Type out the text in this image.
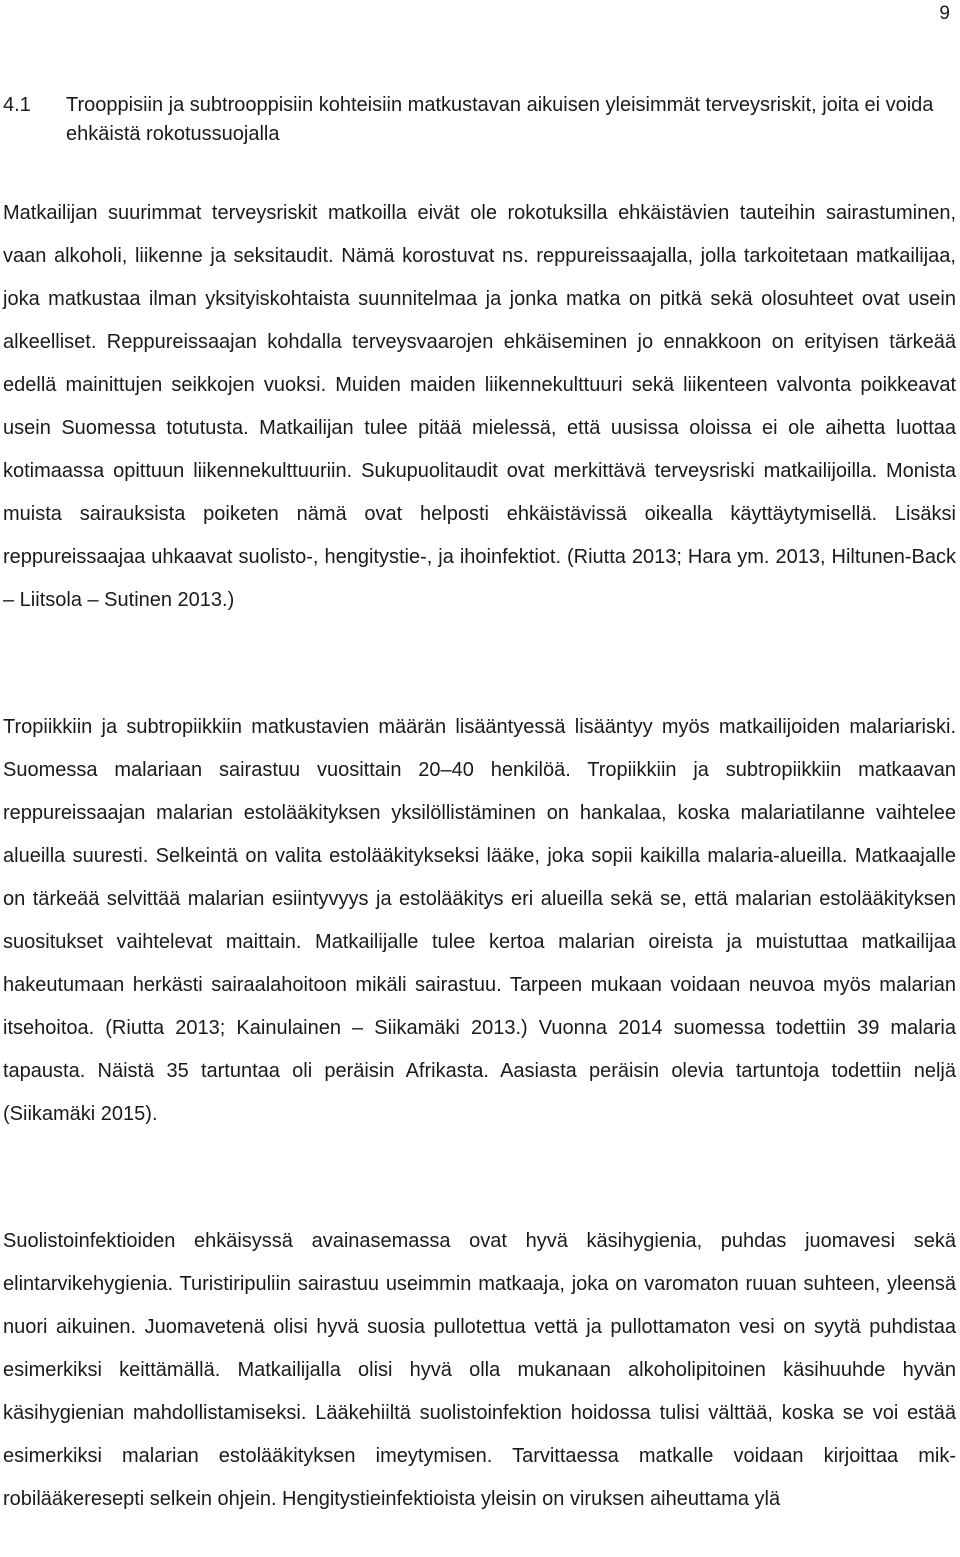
9
4.1	Trooppisiin ja subtrooppisiin kohteisiin matkustavan aikuisen yleisimmät terveysriskit, joita ei voida ehkäistä rokotussuojalla

Matkailijan suurimmat terveysriskit matkoilla eivät ole rokotuksilla ehkäistävien tauteihin sairastuminen, vaan alkoholi, liikenne ja seksitaudit. Nämä korostuvat ns. reppureissaajalla, jolla tarkoitetaan matkailijaa, joka matkustaa ilman yksityiskohtaista suunnitelmaa ja jonka matka on pitkä sekä olosuhteet ovat usein alkeelliset. Reppureissaajan kohdalla terveysvaarojen ehkäiseminen jo ennakkoon on erityisen tärkeää edellä mainittujen seikkojen vuoksi. Muiden maiden liikennekulttuuri sekä liikenteen valvonta poikkeavat usein Suomessa totutusta. Matkailijan tulee pitää mielessä, että uusissa oloissa ei ole aihetta luottaa kotimaassa opittuun liikennekulttuuriin. Sukupuolitaudit ovat merkittävä terveysriski matkailijoilla. Monista muista sairauksista poiketen nämä ovat helposti ehkäistävissä oikealla käyttäytymisellä. Lisäksi reppureissaajaa uhkaavat suolisto-, hengitystie-, ja ihoinfektiot. (Riutta 2013; Hara ym. 2013, Hiltunen-Back – Liitsola – Sutinen 2013.)

Tropiikkiin ja subtropiikkiin matkustavien määrän lisääntyessä lisääntyy myös matkailijoiden malariariski. Suomessa malariaan sairastuu vuosittain 20–40 henkilöä. Tropiikkiin ja subtropiikkiin matkaavan reppureissaajan malarian estolääkityksen yksilöllistäminen on hankalaa, koska malariatilanne vaihtelee alueilla suuresti. Selkeintä on valita estolääkitykseksi lääke, joka sopii kaikilla malaria-alueilla. Matkaajalle on tärkeää selvittää malarian esiintyvyys ja estolääkitys eri alueilla sekä se, että malarian estolääkityksen suositukset vaihtelevat maittain. Matkailijalle tulee kertoa malarian oireista ja muistuttaa matkailijaa hakeutumaan herkästi sairaalahoitoon mikäli sairastuu. Tarpeen mukaan voidaan neuvoa myös malarian itsehoitoa. (Riutta 2013; Kainulainen – Siikamäki 2013.) Vuonna 2014 suomessa todettiin 39 malaria tapausta. Näistä 35 tartuntaa oli peräisin Afrikasta. Aasiasta peräisin olevia tartuntoja todettiin neljä (Siikamäki 2015).

Suolistoinfektioiden ehkäisyssä avainasemassa ovat hyvä käsihygienia, puhdas juomavesi sekä elintarvikehygienia. Turistiripuliin sairastuu useimmin matkaaja, joka on varomaton ruuan suhteen, yleensä nuori aikuinen. Juomavetenä olisi hyvä suosia pullotettua vettä ja pullottamaton vesi on syytä puhdistaa esimerkiksi keittämällä. Matkailijalla olisi hyvä olla mukanaan alkoholipitoinen käsihuuhde hyvän käsihygienian mahdollistamiseksi. Lääkehiiltä suolistoinfektion hoidossa tulisi välttää, koska se voi estää esimerkiksi malarian estolääkityksen imeytymisen. Tarvittaessa matkalle voidaan kirjoittaa mikrobilääkeresepti selkein ohjein. Hengitystieinfektioista yleisin on viruksen aiheuttama ylä
